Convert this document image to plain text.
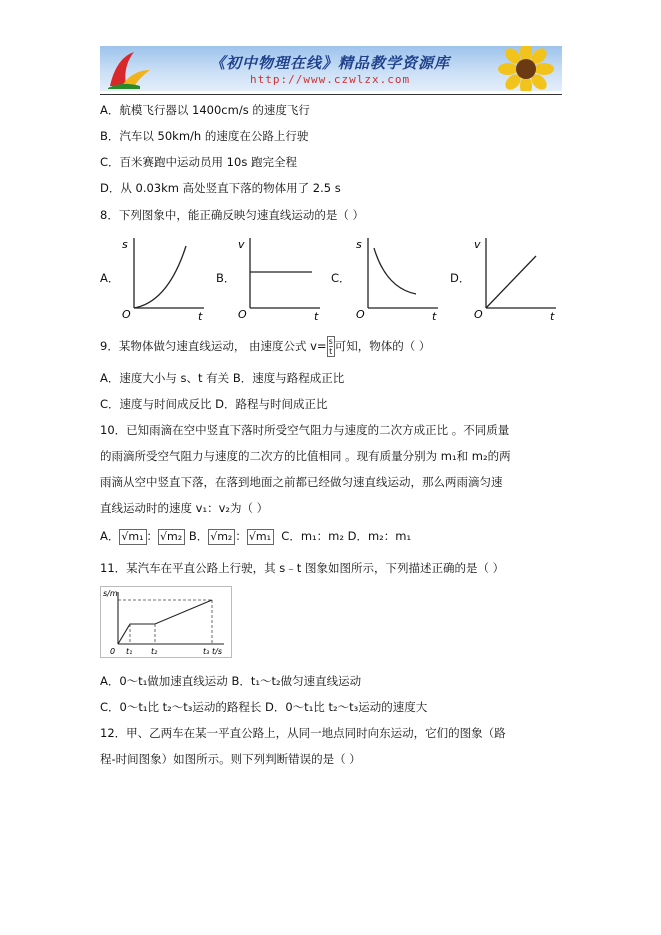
《初中物理在线》精品教学资源库
http://www.czwlzx.com
A．航模飞行器以 1400cm/s 的速度飞行
B．汽车以 50km/h 的速度在公路上行驶
C．百米赛跑中运动员用 10s 跑完全程
D．从 0.03km 高处竖直下落的物体用了 2.5 s
8．下列图象中，能正确反映匀速直线运动的是（ ）
A．
s
t
O
B．
v
t
O
C．
s
t
O
D．
v
t
O
9．某物体做匀速直线运动， 由速度公式 $v= \frac{s}{t}$ 可知，物体的（ ）
A．速度大小与 s、t 有关 B．速度与路程成正比
C．速度与时间成反比 D．路程与时间成正比
10．已知雨滴在空中竖直下落时所受空气阻力与速度的二次方成正比 。不同质量
的雨滴所受空气阻力与速度的二次方的比值相同 。现有质量分别为 m₁和 m₂的两
雨滴从空中竖直下落，在落到地面之前都已经做匀速直线运动，那么两雨滴匀速
直线运动时的速度 v₁：v₂为（ ）
A． √m₁ ： √m₂ B． √m₂ ： √m₁ C．m₁：m₂ D．m₂：m₁
11．某汽车在平直公路上行驶，其 s﹣t 图象如图所示，下列描述正确的是（ ）
s/m
t/s
0 t₁ t₂	t₃
A．0～t₁做加速直线运动 B．t₁～t₂做匀速直线运动
C．0～t₁比 t₂～t₃运动的路程长 D．0～t₁比 t₂～t₃运动的速度大
12．甲、乙两车在某一平直公路上，从同一地点同时向东运动，它们的图象（路
程-时间图象）如图所示。则下列判断错误的是（ ）
